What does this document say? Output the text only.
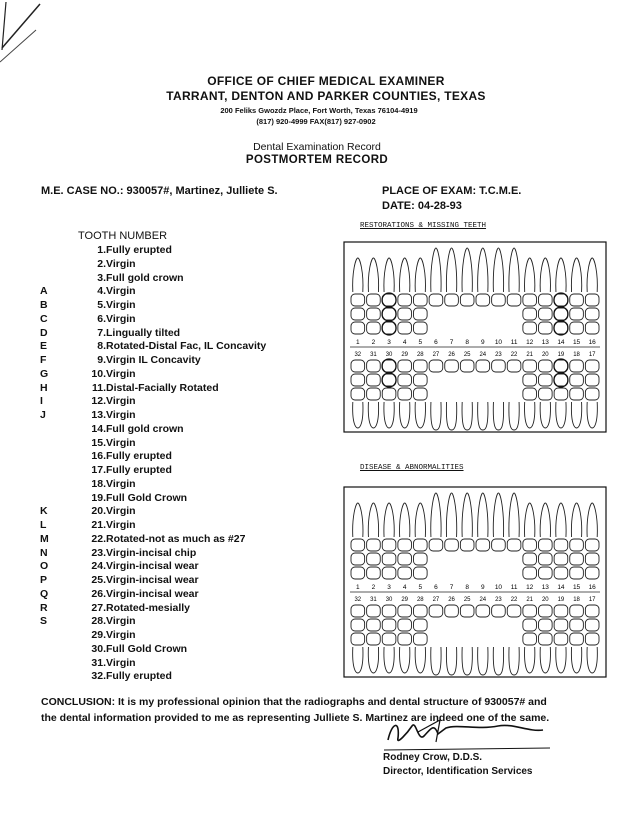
OFFICE OF CHIEF MEDICAL EXAMINER
TARRANT, DENTON AND PARKER COUNTIES, TEXAS
200 Feliks Gwozdz Place, Fort Worth, Texas 76104-4919
(817) 920-4999 FAX(817) 927-0902
Dental Examination Record
POSTMORTEM RECORD
M.E. CASE NO.: 930057#, Martinez, Julliete S.	PLACE OF EXAM: T.C.M.E.
DATE: 04-28-93
TOOTH NUMBER
1. Fully erupted
2. Virgin
3. Full gold crown
A	4. Virgin
B	5. Virgin
C	6. Virgin
D	7. Lingually tilted
E	8. Rotated-Distal Fac, IL Concavity
F	9. Virgin IL Concavity
G	10. Virgin
H	11. Distal-Facially Rotated
I	12. Virgin
J	13. Virgin
14. Full gold crown
15. Virgin
16. Fully erupted
17. Fully erupted
18. Virgin
19. Full Gold Crown
K	20. Virgin
L	21. Virgin
M	22. Rotated-not as much as #27
N	23. Virgin-incisal chip
O	24. Virgin-incisal wear
P	25. Virgin-incisal wear
Q	26. Virgin-incisal wear
R	27. Rotated-mesially
S	28. Virgin
29. Virgin
30. Full Gold Crown
31. Virgin
32. Fully erupted
RESTORATIONS & MISSING TEETH
DISEASE & ABNORMALITIES
1 2 3 4 5 6 7 8 9 10 11 12 13 14 15 16
32 31 30 29 28 27 26 25 24 23 22 21 20 19 18 17
1 2 3 4 5 6 7 8 9 10 11 12 13 14 15 16
32 31 30 29 28 27 26 25 24 23 22 21 20 19 18 17
CONCLUSION: It is my professional opinion that the radiographs and dental structure of 930057# and
the dental information provided to me as representing Julliete S. Martinez are indeed one of the same.
Rodney Crow, D.D.S.
Director, Identification Services
